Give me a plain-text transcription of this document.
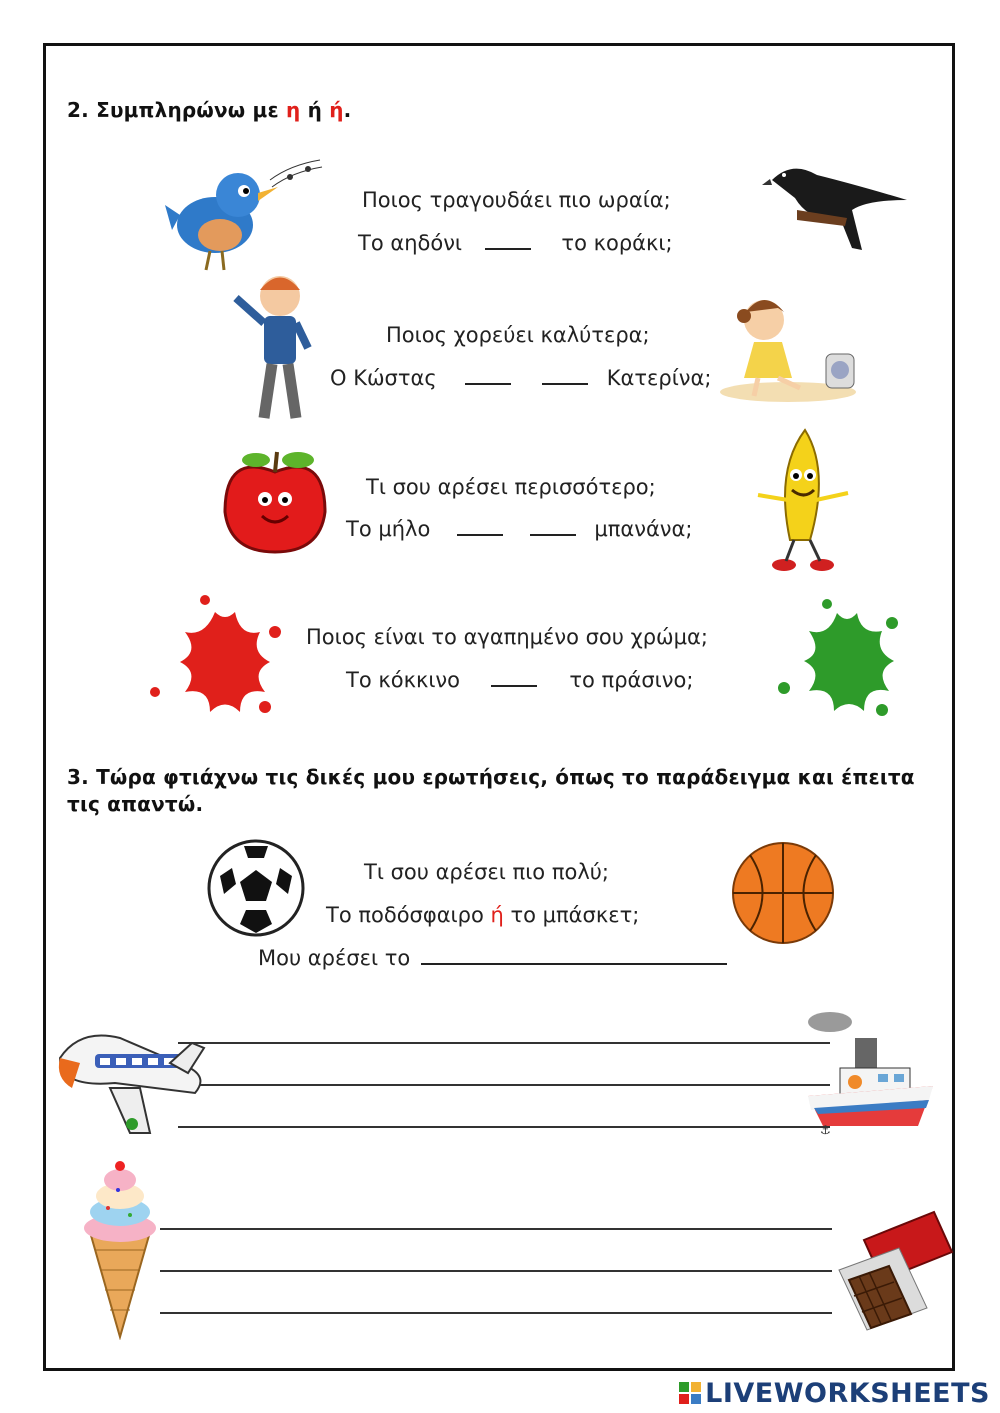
2. Συμπληρώνω με η ή ή.
Ποιος τραγουδάει πιο ωραία;
Το αηδόνι	το κοράκι;
Ποιος χορεύει καλύτερα;
Ο Κώστας	Κατερίνα;
Τι σου αρέσει περισσότερο;
Το μήλο	μπανάνα;
Ποιος είναι το αγαπημένο σου χρώμα;
Το κόκκινο	το πράσινο;
3. Τώρα φτιάχνω τις δικές μου ερωτήσεις, όπως το παράδειγμα και έπειτα
τις απαντώ.
Τι σου αρέσει πιο πολύ;
Το ποδόσφαιρο ή το μπάσκετ;
Μου αρέσει το
⚓
LIVEWORKSHEETS
